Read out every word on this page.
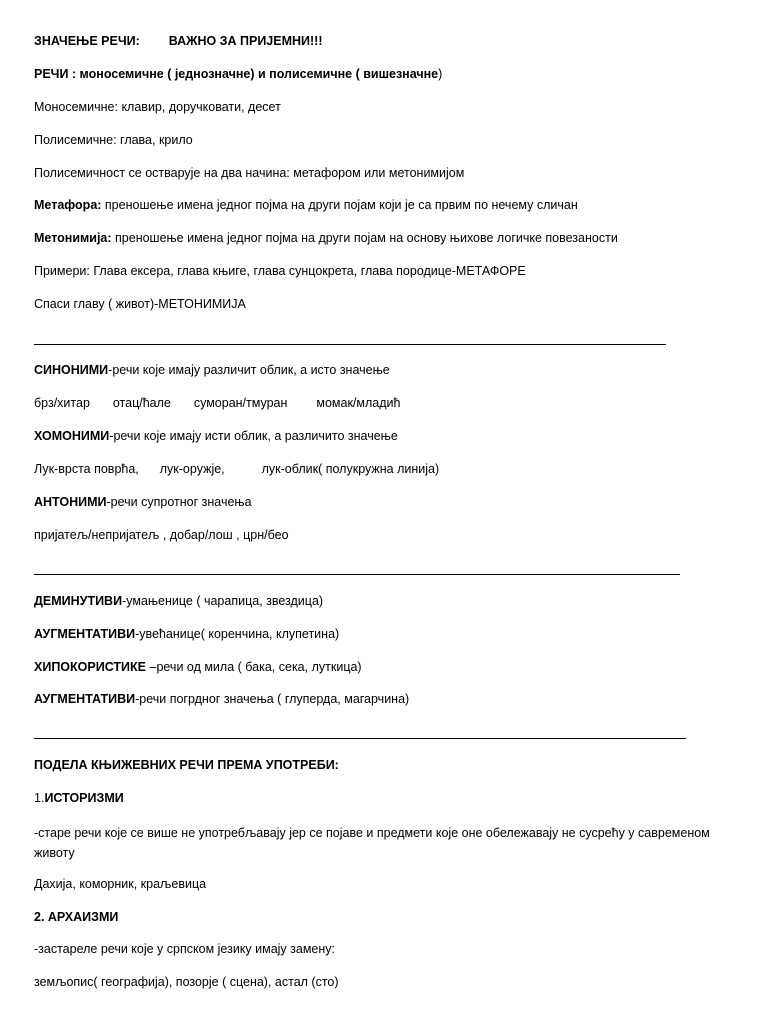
ЗНАЧЕЊЕ РЕЧИ: ВАЖНО ЗА ПРИЈЕМНИ!!!
РЕЧИ : моносемичне ( једнозначне) и полисемичне ( вишезначне)
Моносемичне: клавир, доручковати, десет
Полисемичне: глава, крило
Полисемичност се остварује на два начина: метафором или метонимијом
Метафора: преношење имена једног појма на други појам који је са првим по нечему сличан
Метонимија: преношење имена једног појма на други појам на основу њихове логичке повезаности
Примери: Глава ексера, глава књиге, глава сунцокрета, глава породице-МЕТАФОРЕ
Спаси главу ( живот)-МЕТОНИМИЈА
СИНОНИМИ-речи које имају различит облик, а исто значење
брз/хитар отац/ћале суморан/тмуран момак/младић
ХОМОНИМИ-речи које имају исти облик, а различито значење
Лук-врста поврћа, лук-оружје,	лук-облик( полукружна линија)
АНТОНИМИ-речи супротног значења
пријатељ/непријатељ , добар/лош , црн/бео
ДЕМИНУТИВИ-умањенице ( чарапица, звездица)
АУГМЕНТАТИВИ-увећанице( коренчина, клупетина)
ХИПОКОРИСТИКЕ –речи од мила ( бака, сека, луткица)
АУГМЕНТАТИВИ-речи погрдног значења ( глуперда, магарчина)
ПОДЕЛА КЊИЖЕВНИХ РЕЧИ ПРЕМА УПОТРЕБИ:
1.ИСТОРИЗМИ
-старе речи које се више не употребљавају јер се појаве и предмети које оне обележавају не сусрећу у савременом животу
Дахија, коморник, краљевица
2. АРХАИЗМИ
-застареле речи које у српском језику имају замену:
земљопис( географија), позорје ( сцена), астал (сто)
